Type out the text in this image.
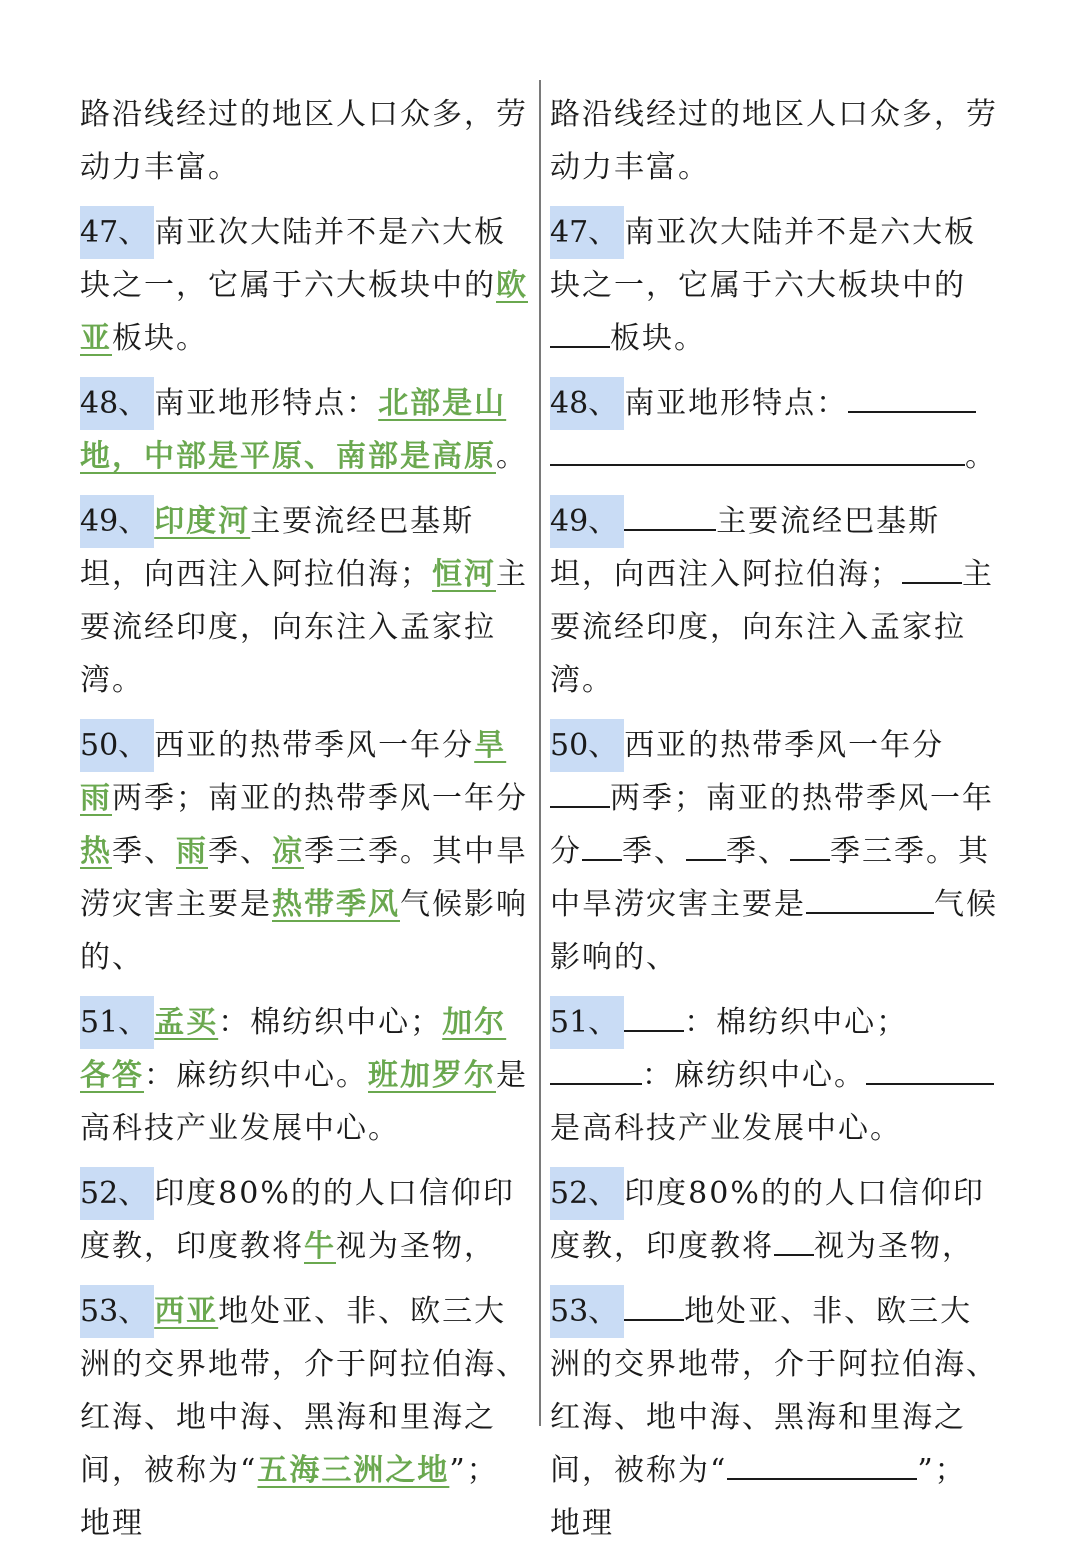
路沿线经过的地区人口众多，劳动力丰富。
47、 南亚次大陆并不是六大板块之一，它属于六大板块中的欧亚板块。
48、 南亚地形特点：北部是山地，中部是平原、南部是高原。
49、 印度河主要流经巴基斯坦，向西注入阿拉伯海；恒河主要流经印度，向东注入孟家拉湾。
50、 西亚的热带季风一年分旱雨两季；南亚的热带季风一年分热季、雨季、凉季三季。其中旱涝灾害主要是热带季风气候影响的、
51、 孟买：棉纺织中心；加尔各答：麻纺织中心。班加罗尔是高科技产业发展中心。
52、 印度80%的的人口信仰印度教，印度教将牛视为圣物，
53、 西亚地处亚、非、欧三大洲的交界地带，介于阿拉伯海、红海、地中海、黑海和里海之间，被称为“五海三洲之地”；地理
路沿线经过的地区人口众多，劳动力丰富。
47、 南亚次大陆并不是六大板块之一，它属于六大板块中的板块。
48、 南亚地形特点：。
49、	主要流经巴基斯坦，向西注入阿拉伯海； 主要流经印度，向东注入孟家拉湾。
50、 西亚的热带季风一年分两季；南亚的热带季风一年分 季、 季、 季三季。其中旱涝灾害主要是	气候影响的、
51、 ：棉纺织中心；：麻纺织中心。是高科技产业发展中心。
52、 印度80%的的人口信仰印度教，印度教将 视为圣物，
53、 地处亚、非、欧三大洲的交界地带，介于阿拉伯海、红海、地中海、黑海和里海之间，被称为“	”；地理
